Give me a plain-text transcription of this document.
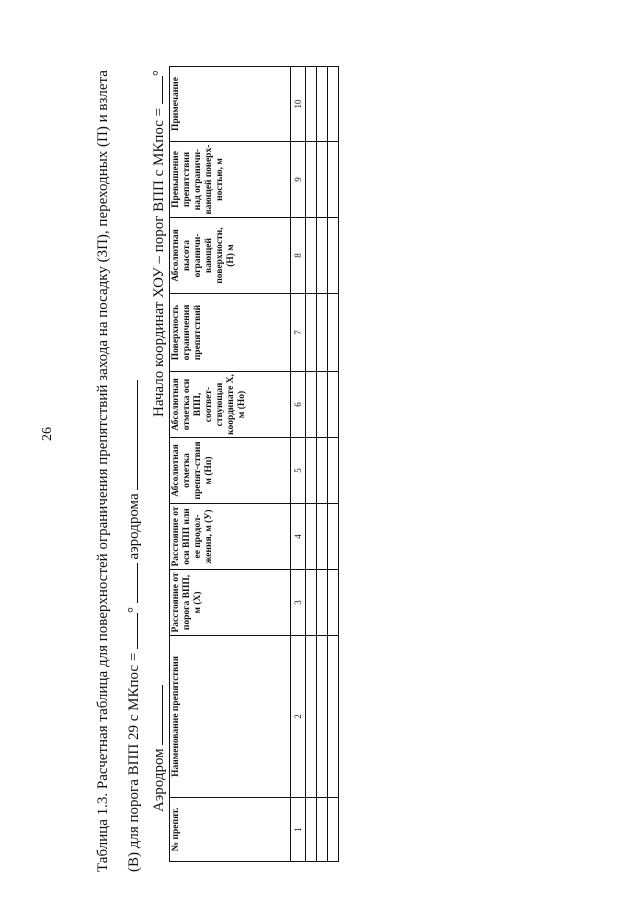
26	Таблица 1.3. Расчетная таблица для поверхностей ограничения препятствий захода на посадку (ЗП), переходных (П) и взлета (В) для порога ВПП 29 с МКпос = °  аэродрома
Аэродром
Начало координат ХОУ – порог ВПП с МКпос = °
№ препят.	Наименование препятствия	Расстояние от порога ВПП, м (Х)	Расстояние от оси ВПП или ее продол-жения, м (У)	Абсолютная отметка препят-ствия м (Нп)	Абсолютная отметка оси ВПП, соответ-ствующая координате Х, м (Но)	Поверхность ограничения препятствий	Абсолютная высота ограничи-вающей поверхности, (Н) м	Превышение препятствия над ограничи-вающей поверх-ностью, м	Примечание
1	2	3	4	5	6	7	8	9	10
